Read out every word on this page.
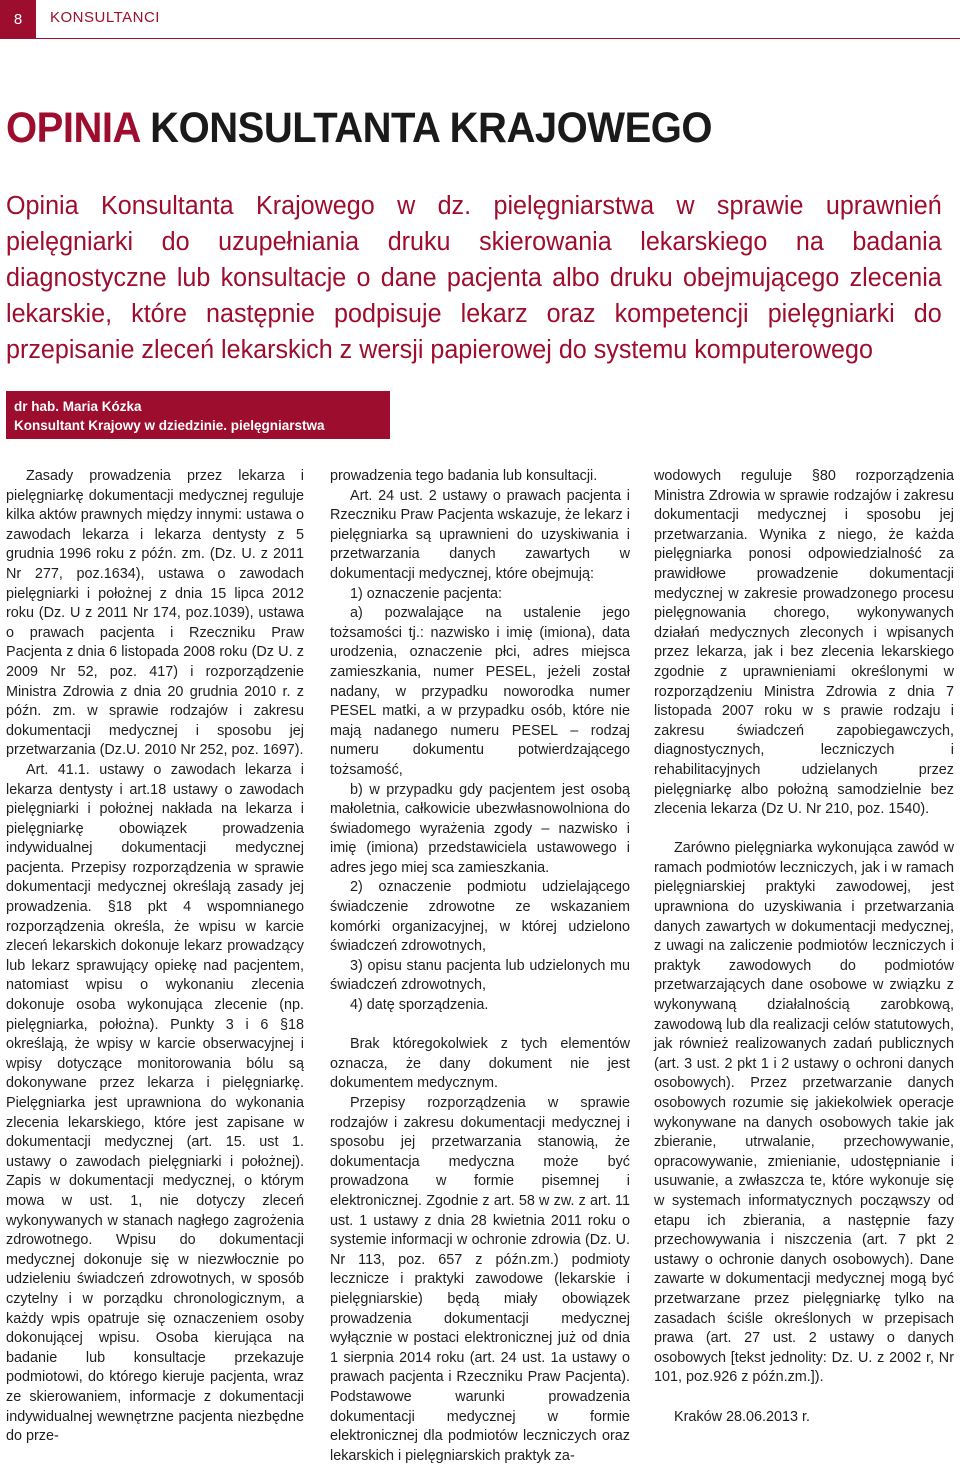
8	KONSULTANCI
OPINIA KONSULTANTA KRAJOWEGO

Opinia Konsultanta Krajowego w dz. pielęgniarstwa w sprawie uprawnień pielęgniarki do uzupełniania druku skierowania lekarskiego na badania diagnostyczne lub konsultacje o dane pacjenta albo druku obejmującego zlecenia lekarskie, które następnie podpisuje lekarz oraz kompetencji pielęgniarki do przepisanie zleceń lekarskich z wersji papierowej do systemu komputerowego

dr hab. Maria Kózka
Konsultant Krajowy w dziedzinie. pielęgniarstwa

Zasady prowadzenia przez lekarza i pielęgniarkę dokumentacji medycznej reguluje kilka aktów prawnych między innymi: ustawa o zawodach lekarza i lekarza dentysty z 5 grudnia 1996 roku z późn. zm. (Dz. U. z 2011 Nr 277, poz.1634), ustawa o zawodach pielęgniarki i położnej z dnia 15 lipca 2012 roku (Dz. U z 2011 Nr 174, poz.1039), ustawa o prawach pacjenta i Rzeczniku Praw Pacjenta z dnia 6 listopada 2008 roku (Dz U. z 2009 Nr 52, poz. 417) i rozporządzenie Ministra Zdrowia z dnia 20 grudnia 2010 r. z późn. zm. w sprawie rodzajów i zakresu dokumentacji medycznej i sposobu jej przetwarzania (Dz.U. 2010 Nr 252, poz. 1697).

Art. 41.1. ustawy o zawodach lekarza i lekarza dentysty i art.18 ustawy o zawodach pielęgniarki i położnej nakłada na lekarza i pielęgniarkę obowiązek prowadzenia indywidualnej dokumentacji medycznej pacjenta. Przepisy rozporządzenia w sprawie dokumentacji medycznej określają zasady jej prowadzenia. §18 pkt 4 wspomnianego rozporządzenia określa, że wpisu w karcie zleceń lekarskich dokonuje lekarz prowadzący lub lekarz sprawujący opiekę nad pacjentem, natomiast wpisu o wykonaniu zlecenia dokonuje osoba wykonująca zlecenie (np. pielęgniarka, położna). Punkty 3 i 6 §18 określają, że wpisy w karcie obserwacyjnej i wpisy dotyczące monitorowania bólu są dokonywane przez lekarza i pielęgniarkę. Pielęgniarka jest uprawniona do wykonania zlecenia lekarskiego, które jest zapisane w dokumentacji medycznej (art. 15. ust 1. ustawy o zawodach pielęgniarki i położnej). Zapis w dokumentacji medycznej, o którym mowa w ust. 1, nie dotyczy zleceń wykonywanych w stanach nagłego zagrożenia zdrowotnego. Wpisu do dokumentacji medycznej dokonuje się w niezwłocznie po udzieleniu świadczeń zdrowotnych, w sposób czytelny i w porządku chronologicznym, a każdy wpis opatruje się oznaczeniem osoby dokonującej wpisu. Osoba kierująca na badanie lub konsultacje przekazuje podmiotowi, do którego kieruje pacjenta, wraz ze skierowaniem, informacje z dokumentacji indywidualnej wewnętrzne pacjenta niezbędne do prze-

prowadzenia tego badania lub konsultacji.

Art. 24 ust. 2 ustawy o prawach pacjenta i Rzeczniku Praw Pacjenta wskazuje, że lekarz i pielęgniarka są uprawnieni do uzyskiwania i przetwarzania danych zawartych w dokumentacji medycznej, które obejmują:

1) oznaczenie pacjenta:

a) pozwalające na ustalenie jego tożsamości tj.: nazwisko i imię (imiona), data urodzenia, oznaczenie płci, adres miejsca zamieszkania, numer PESEL, jeżeli został nadany, w przypadku noworodka numer PESEL matki, a w przypadku osób, które nie mają nadanego numeru PESEL – rodzaj numeru dokumentu potwierdzającego tożsamość,

b) w przypadku gdy pacjentem jest osobą małoletnia, całkowicie ubezwłasnowolniona do świadomego wyrażenia zgody – nazwisko i imię (imiona) przedstawiciela ustawowego i adres jego miej sca zamieszkania.

2) oznaczenie podmiotu udzielającego świadczenie zdrowotne ze wskazaniem komórki organizacyjnej, w której udzielono świadczeń zdrowotnych,

3) opisu stanu pacjenta lub udzielonych mu świadczeń zdrowotnych,

4) datę sporządzenia.

Brak któregokolwiek z tych elementów oznacza, że dany dokument nie jest dokumentem medycznym.

Przepisy rozporządzenia w sprawie rodzajów i zakresu dokumentacji medycznej i sposobu jej przetwarzania stanowią, że dokumentacja medyczna może być prowadzona w formie pisemnej i elektronicznej. Zgodnie z art. 58 w zw. z art. 11 ust. 1 ustawy z dnia 28 kwietnia 2011 roku o systemie informacji w ochronie zdrowia (Dz. U. Nr 113, poz. 657 z późn.zm.) podmioty lecznicze i praktyki zawodowe (lekarskie i pielęgniarskie) będą miały obowiązek prowadzenia dokumentacji medycznej wyłącznie w postaci elektronicznej już od dnia 1 sierpnia 2014 roku (art. 24 ust. 1a ustawy o prawach pacjenta i Rzeczniku Praw Pacjenta). Podstawowe warunki prowadzenia dokumentacji medycznej w formie elektronicznej dla podmiotów leczniczych oraz lekarskich i pielęgniarskich praktyk za-

wodowych reguluje §80 rozporządzenia Ministra Zdrowia w sprawie rodzajów i zakresu dokumentacji medycznej i sposobu jej przetwarzania. Wynika z niego, że każda pielęgniarka ponosi odpowiedzialność za prawidłowe prowadzenie dokumentacji medycznej w zakresie prowadzonego procesu pielęgnowania chorego, wykonywanych działań medycznych zleconych i wpisanych przez lekarza, jak i bez zlecenia lekarskiego zgodnie z uprawnieniami określonymi w rozporządzeniu Ministra Zdrowia z dnia 7 listopada 2007 roku w s prawie rodzaju i zakresu świadczeń zapobiegawczych, diagnostycznych, leczniczych i rehabilitacyjnych udzielanych przez pielęgniarkę albo położną samodzielnie bez zlecenia lekarza (Dz U. Nr 210, poz. 1540).

Zarówno pielęgniarka wykonująca zawód w ramach podmiotów leczniczych, jak i w ramach pielęgniarskiej praktyki zawodowej, jest uprawniona do uzyskiwania i przetwarzania danych zawartych w dokumentacji medycznej, z uwagi na zaliczenie podmiotów leczniczych i praktyk zawodowych do podmiotów przetwarzających dane osobowe w związku z wykonywaną działalnością zarobkową, zawodową lub dla realizacji celów statutowych, jak również realizowanych zadań publicznych (art. 3 ust. 2 pkt 1 i 2 ustawy o ochroni danych osobowych). Przez przetwarzanie danych osobowych rozumie się jakiekolwiek operacje wykonywane na danych osobowych takie jak zbieranie, utrwalanie, przechowywanie, opracowywanie, zmienianie, udostępnianie i usuwanie, a zwłaszcza te, które wykonuje się w systemach informatycznych począwszy od etapu ich zbierania, a następnie fazy przechowywania i niszczenia (art. 7 pkt 2 ustawy o ochronie danych osobowych). Dane zawarte w dokumentacji medycznej mogą być przetwarzane przez pielęgniarkę tylko na zasadach ściśle określonych w przepisach prawa (art. 27 ust. 2 ustawy o danych osobowych [tekst jednolity: Dz. U. z 2002 r, Nr 101, poz.926 z późn.zm.]).

Kraków 28.06.2013 r.
